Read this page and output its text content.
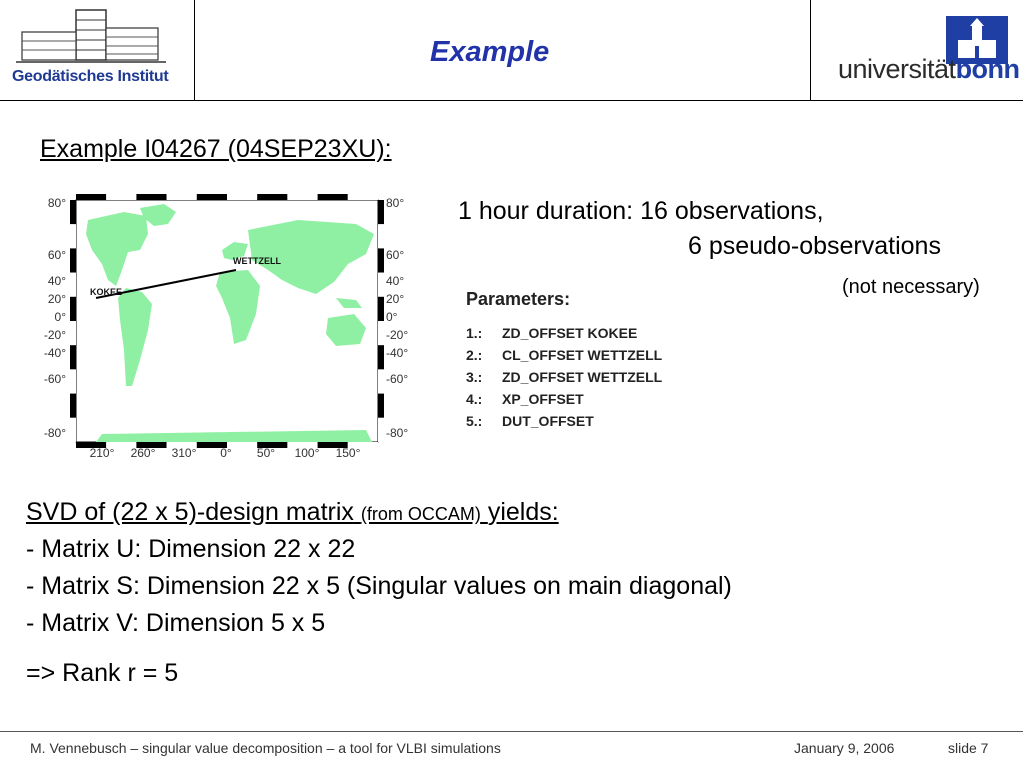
Geodätisches Institut
Example
universitätbonn
Example I04267 (04SEP23XU):
80°
60°
40°
20°
0°
-20°
-40°
-60°
-80°
80°
60°
40°
20°
0°
-20°
-40°
-60°
-80°
210° 260° 310° 0° 50° 100° 150°
KOKEE
WETTZELL
1 hour duration: 16 observations,
6 pseudo-observations
(not necessary)
Parameters:
1.: ZD_OFFSET KOKEE
2.: CL_OFFSET WETTZELL
3.: ZD_OFFSET WETTZELL
4.: XP_OFFSET
5.: DUT_OFFSET
SVD of (22 x 5)-design matrix (from OCCAM) yields:
- Matrix U: Dimension 22 x 22
- Matrix S: Dimension 22 x 5 (Singular values on main diagonal)
- Matrix V: Dimension 5 x 5
=> Rank r = 5
M. Vennebusch – singular value decomposition – a tool for VLBI simulations	January 9, 2006	slide 7
